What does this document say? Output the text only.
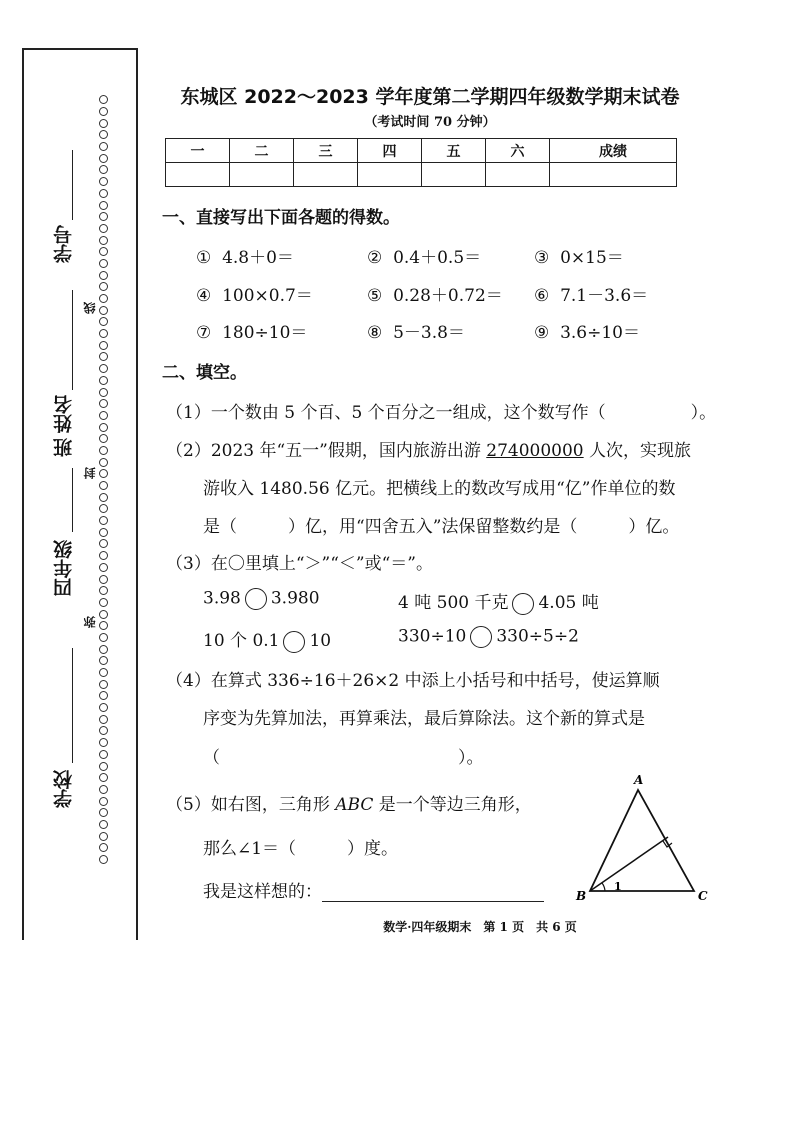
学校
四年级
班
姓名
学号
弥
封
线
东城区 2022～2023 学年度第二学期四年级数学期末试卷
（考试时间 70 分钟）
一	二	三	四	五	六	成绩

一、直接写出下面各题的得数。
① 4.8＋0＝	② 0.4＋0.5＝	③ 0×15＝
④ 100×0.7＝	⑤ 0.28＋0.72＝ ⑥ 7.1－3.6＝
⑦ 180÷10＝	⑧ 5－3.8＝	⑨ 3.6÷10＝
二、填空。
（1）一个数由 5 个百、5 个百分之一组成，这个数写作（　　　　　）。
（2）2023 年“五一”假期，国内旅游出游 274000000 人次，实现旅
游收入 1480.56 亿元。把横线上的数改写成用“亿”作单位的数
是（　　　）亿，用“四舍五入”法保留整数约是（　　　）亿。
（3）在〇里填上“＞”“＜”或“＝”。
3.98 3.980	4 吨 500 千克 4.05 吨
10 个 0.1 10	330÷10 330÷5÷2
（4）在算式 336÷16＋26×2 中添上小括号和中括号，使运算顺
序变为先算加法，再算乘法，最后算除法。这个新的算式是
（　　　　　　　　　　　　　　）。
（5）如右图，三角形 ABC 是一个等边三角形，
那么∠1＝（　　　）度。
我是这样想的：
A
B	C
1
数学·四年级期末　第 1 页　共 6 页
